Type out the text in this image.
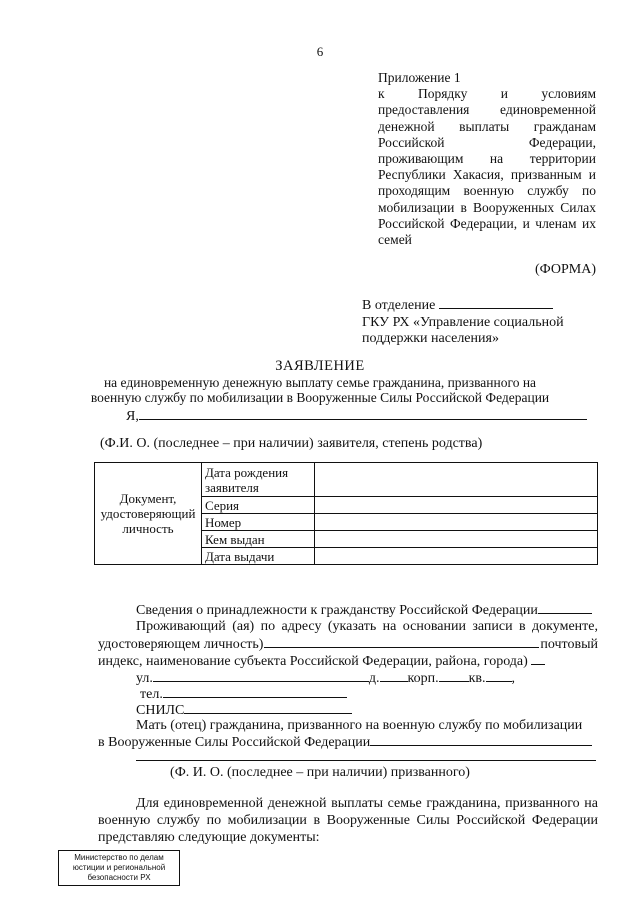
6
Приложение 1
к Порядку и условиям
предоставления единовременной
денежной выплаты гражданам
Российской Федерации,
проживающим на территории
Республики Хакасия, призванным и
проходящим военную службу по
мобилизации в Вооруженных Силах
Российской Федерации, и членам их
семей
(ФОРМА)
В отделение
ГКУ РХ «Управление социальной
поддержки населения»
ЗАЯВЛЕНИЕ
на единовременную денежную выплату семье гражданина, призванного на
военную службу по мобилизации в Вооруженные Силы Российской Федерации
Я,
(Ф.И. О. (последнее – при наличии) заявителя, степень родства)
Документ, удостоверяющий личность	Дата рождения заявителя	
	Серия	
	Номер	
	Кем выдан	
	Дата выдачи	
Сведения о принадлежности к гражданству Российской Федерации
Проживающий (ая) по адресу (указать на основании записи в документе,
удостоверяющем личность)	почтовый
индекс, наименование субъекта Российской Федерации, района, города)
ул.	д. корп. кв. ,
тел.
СНИЛС
Мать (отец) гражданина, призванного на военную службу по мобилизации
в Вооруженные Силы Российской Федерации
(Ф. И. О. (последнее – при наличии) призванного)
Для единовременной денежной выплаты семье гражданина, призванного на
военную службу по мобилизации в Вооруженные Силы Российской Федерации
представляю следующие документы:
Министерство по делам
юстиции и региональной
безопасности РХ
